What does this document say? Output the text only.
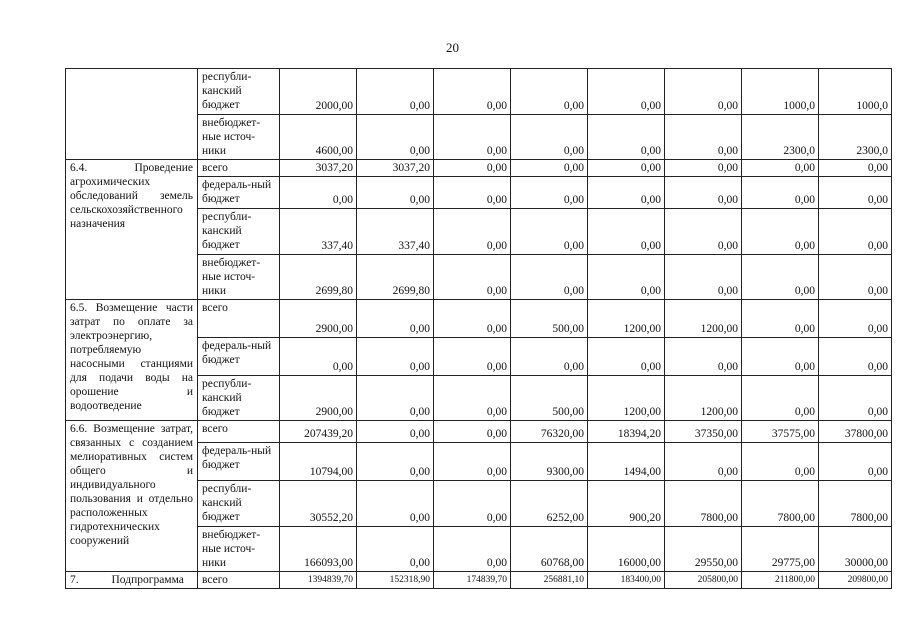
20
	республи-канский бюджет	2000,00	0,00	0,00	0,00	0,00	0,00	1000,0	1000,0
	внебюджет-ные источ-ники	4600,00	0,00	0,00	0,00	0,00	0,00	2300,0	2300,0
6.4. Проведение агрохимических обследований земель сельскохозяйственного назначения	всего	3037,20	3037,20	0,00	0,00	0,00	0,00	0,00	0,00
	федераль-ный бюджет	0,00	0,00	0,00	0,00	0,00	0,00	0,00	0,00
	республи-канский бюджет	337,40	337,40	0,00	0,00	0,00	0,00	0,00	0,00
	внебюджет-ные источ-ники	2699,80	2699,80	0,00	0,00	0,00	0,00	0,00	0,00
6.5. Возмещение части затрат по оплате за электроэнергию, потребляемую насосными станциями для подачи воды на орошение и водоотведение	всего	2900,00	0,00	0,00	500,00	1200,00	1200,00	0,00	0,00
	федераль-ный бюджет	0,00	0,00	0,00	0,00	0,00	0,00	0,00	0,00
	республи-канский бюджет	2900,00	0,00	0,00	500,00	1200,00	1200,00	0,00	0,00
6.6. Возмещение затрат, связанных с созданием мелиоративных систем общего и индивидуального пользования и отдельно расположенных гидротехнических сооружений	всего	207439,20	0,00	0,00	76320,00	18394,20	37350,00	37575,00	37800,00
	федераль-ный бюджет	10794,00	0,00	0,00	9300,00	1494,00	0,00	0,00	0,00
	республи-канский бюджет	30552,20	0,00	0,00	6252,00	900,20	7800,00	7800,00	7800,00
	внебюджет-ные источ-ники	166093,00	0,00	0,00	60768,00	16000,00	29550,00	29775,00	30000,00
7. Подпрограмма	всего	1394839,70	152318,90	174839,70	256881,10	183400,00	205800,00	211800,00	209800,00
